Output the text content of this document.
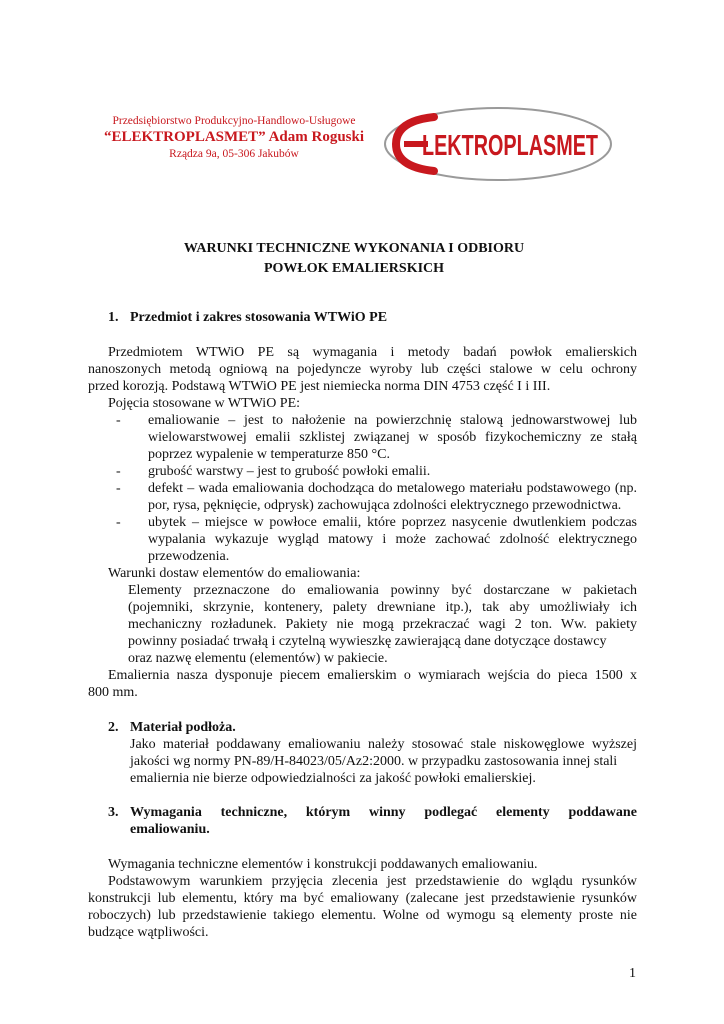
Przedsiębiorstwo Produkcyjno-Handlowo-Usługowe
“ELEKTROPLASMET” Adam Roguski
Rządza 9a, 05-306 Jakubów	LEKTROPLASMET
WARUNKI TECHNICZNE WYKONANIA I ODBIORU
POWŁOK EMALIERSKICH
1. Przedmiot i zakres stosowania WTWiO PE
Przedmiotem WTWiO PE są wymagania i metody badań powłok emalierskich
nanoszonych metodą ogniową na pojedyncze wyroby lub części stalowe w celu ochrony
przed korozją. Podstawą WTWiO PE jest niemiecka norma DIN 4753 część I i III.
Pojęcia stosowane w WTWiO PE:
- emaliowanie – jest to nałożenie na powierzchnię stalową jednowarstwowej lub
wielowarstwowej emalii szklistej związanej w sposób fizykochemiczny ze stałą
poprzez wypalenie w temperaturze 850 °C.
- grubość warstwy – jest to grubość powłoki emalii.
- defekt – wada emaliowania dochodząca do metalowego materiału podstawowego (np.
por, rysa, pęknięcie, odprysk) zachowująca zdolności elektrycznego przewodnictwa.
- ubytek – miejsce w powłoce emalii, które poprzez nasycenie dwutlenkiem podczas
wypalania wykazuje wygląd matowy i może zachować zdolność elektrycznego
przewodzenia.
Warunki dostaw elementów do emaliowania:
Elementy przeznaczone do emaliowania powinny być dostarczane w pakietach
(pojemniki, skrzynie, kontenery, palety drewniane itp.), tak aby umożliwiały ich
mechaniczny rozładunek. Pakiety nie mogą przekraczać wagi 2 ton. Ww. pakiety
powinny posiadać trwałą i czytelną wywieszkę zawierającą dane dotyczące dostawcy
oraz nazwę elementu (elementów) w pakiecie.
Emaliernia nasza dysponuje piecem emalierskim o wymiarach wejścia do pieca 1500 x
800 mm.
2. Materiał podłoża.
Jako materiał poddawany emaliowaniu należy stosować stale niskowęglowe wyższej
jakości wg normy PN-89/H-84023/05/Az2:2000. w przypadku zastosowania innej stali
emaliernia nie bierze odpowiedzialności za jakość powłoki emalierskiej.
3. Wymagania techniczne, którym winny podlegać elementy poddawane
emaliowaniu.
Wymagania techniczne elementów i konstrukcji poddawanych emaliowaniu.
Podstawowym warunkiem przyjęcia zlecenia jest przedstawienie do wglądu rysunków
konstrukcji lub elementu, który ma być emaliowany (zalecane jest przedstawienie rysunków
roboczych) lub przedstawienie takiego elementu. Wolne od wymogu są elementy proste nie
budzące wątpliwości.
1
